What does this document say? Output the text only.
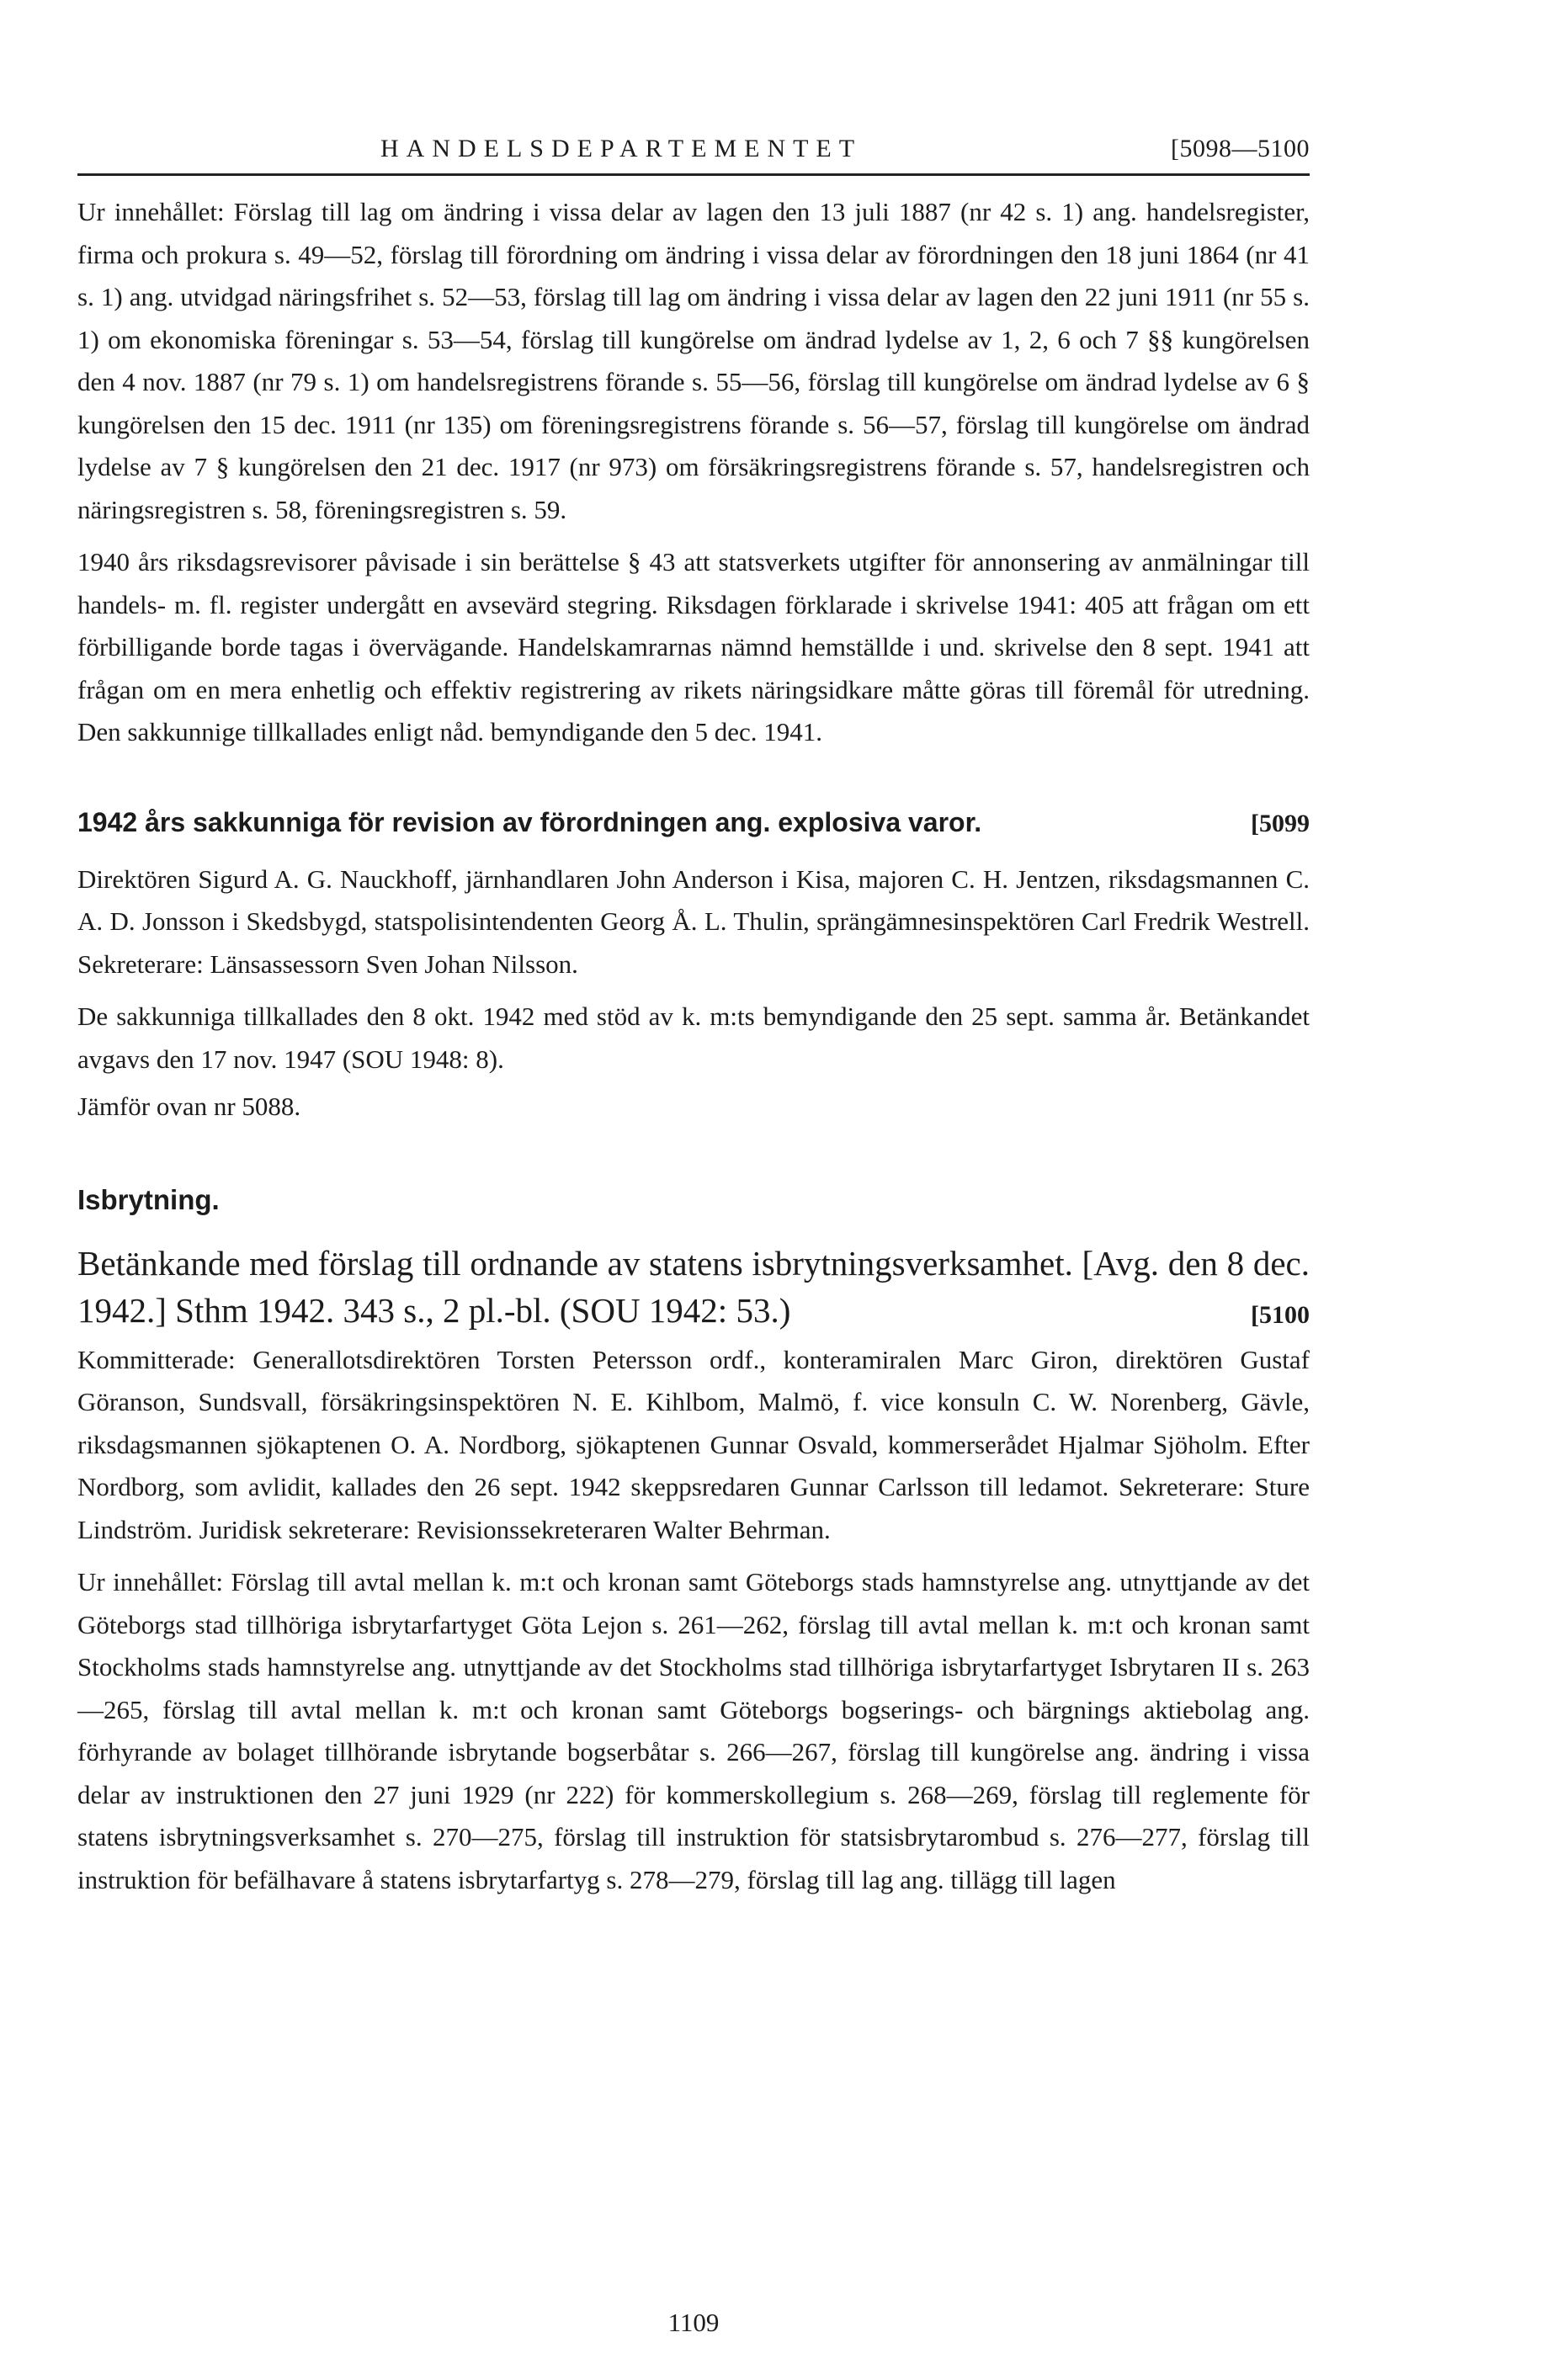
HANDELSDEPARTEMENTET	[5098—5100

Ur innehållet: Förslag till lag om ändring i vissa delar av lagen den 13 juli 1887 (nr 42 s. 1) ang. handelsregister, firma och prokura s. 49—52, förslag till förordning om ändring i vissa delar av förordningen den 18 juni 1864 (nr 41 s. 1) ang. utvidgad näringsfrihet s. 52—53, förslag till lag om ändring i vissa delar av lagen den 22 juni 1911 (nr 55 s. 1) om ekonomiska föreningar s. 53—54, förslag till kungörelse om ändrad lydelse av 1, 2, 6 och 7 §§ kungörelsen den 4 nov. 1887 (nr 79 s. 1) om handelsregistrens förande s. 55—56, förslag till kungörelse om ändrad lydelse av 6 § kungörelsen den 15 dec. 1911 (nr 135) om föreningsregistrens förande s. 56—57, förslag till kungörelse om ändrad lydelse av 7 § kungörelsen den 21 dec. 1917 (nr 973) om försäkringsregistrens förande s. 57, handelsregistren och näringsregistren s. 58, föreningsregistren s. 59.

1940 års riksdagsrevisorer påvisade i sin berättelse § 43 att statsverkets utgifter för annonsering av anmälningar till handels- m. fl. register undergått en avsevärd stegring. Riksdagen förklarade i skrivelse 1941: 405 att frågan om ett förbilligande borde tagas i övervägande. Handelskamrarnas nämnd hemställde i und. skrivelse den 8 sept. 1941 att frågan om en mera enhetlig och effektiv registrering av rikets näringsidkare måtte göras till föremål för utredning. Den sakkunnige tillkallades enligt nåd. bemyndigande den 5 dec. 1941.

1942 års sakkunniga för revision av förordningen ang. explosiva varor.	[5099

Direktören Sigurd A. G. Nauckhoff, järnhandlaren John Anderson i Kisa, majoren C. H. Jentzen, riksdagsmannen C. A. D. Jonsson i Skedsbygd, statspolisintendenten Georg Å. L. Thulin, sprängämnesinspektören Carl Fredrik Westrell. Sekreterare: Länsassessorn Sven Johan Nilsson.

De sakkunniga tillkallades den 8 okt. 1942 med stöd av k. m:ts bemyndigande den 25 sept. samma år. Betänkandet avgavs den 17 nov. 1947 (SOU 1948: 8).

Jämför ovan nr 5088.

Isbrytning.
Betänkande med förslag till ordnande av statens isbrytningsverksamhet. [Avg. den 8 dec. 1942.] Sthm 1942. 343 s., 2 pl.-bl. (SOU 1942: 53.)	[5100

Kommitterade: Generallotsdirektören Torsten Petersson ordf., konteramiralen Marc Giron, direktören Gustaf Göranson, Sundsvall, försäkringsinspektören N. E. Kihlbom, Malmö, f. vice konsuln C. W. Norenberg, Gävle, riksdagsmannen sjökaptenen O. A. Nordborg, sjökaptenen Gunnar Osvald, kommerserådet Hjalmar Sjöholm. Efter Nordborg, som avlidit, kallades den 26 sept. 1942 skeppsredaren Gunnar Carlsson till ledamot. Sekreterare: Sture Lindström. Juridisk sekreterare: Revisionssekreteraren Walter Behrman.

Ur innehållet: Förslag till avtal mellan k. m:t och kronan samt Göteborgs stads hamnstyrelse ang. utnyttjande av det Göteborgs stad tillhöriga isbrytarfartyget Göta Lejon s. 261—262, förslag till avtal mellan k. m:t och kronan samt Stockholms stads hamnstyrelse ang. utnyttjande av det Stockholms stad tillhöriga isbrytarfartyget Isbrytaren II s. 263—265, förslag till avtal mellan k. m:t och kronan samt Göteborgs bogserings- och bärgnings aktiebolag ang. förhyrande av bolaget tillhörande isbrytande bogserbåtar s. 266—267, förslag till kungörelse ang. ändring i vissa delar av instruktionen den 27 juni 1929 (nr 222) för kommerskollegium s. 268—269, förslag till reglemente för statens isbrytningsverksamhet s. 270—275, förslag till instruktion för statsisbrytarombud s. 276—277, förslag till instruktion för befälhavare å statens isbrytarfartyg s. 278—279, förslag till lag ang. tillägg till lagen

1109
